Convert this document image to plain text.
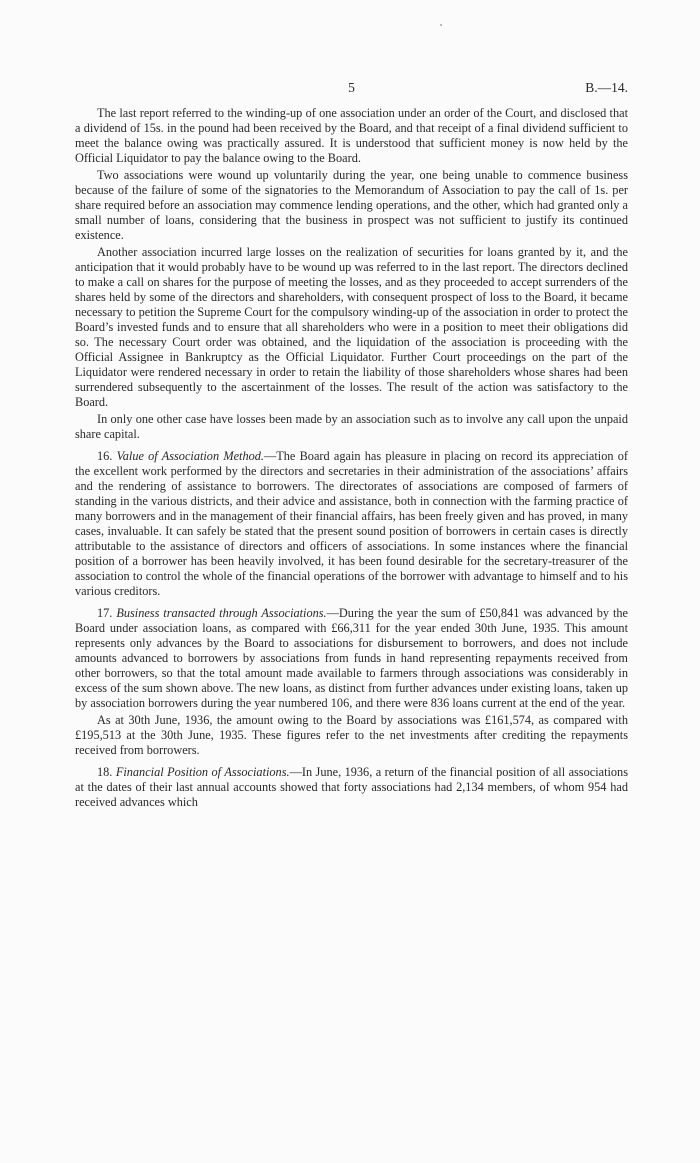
5	B.—14.

The last report referred to the winding-up of one association under an order of the Court, and disclosed that a dividend of 15s. in the pound had been received by the Board, and that receipt of a final dividend sufficient to meet the balance owing was practically assured. It is understood that sufficient money is now held by the Official Liquidator to pay the balance owing to the Board.

Two associations were wound up voluntarily during the year, one being unable to commence business because of the failure of some of the signatories to the Memorandum of Association to pay the call of 1s. per share required before an association may commence lending operations, and the other, which had granted only a small number of loans, considering that the business in prospect was not sufficient to justify its continued existence.

Another association incurred large losses on the realization of securities for loans granted by it, and the anticipation that it would probably have to be wound up was referred to in the last report. The directors declined to make a call on shares for the purpose of meeting the losses, and as they proceeded to accept surrenders of the shares held by some of the directors and shareholders, with consequent prospect of loss to the Board, it became necessary to petition the Supreme Court for the compulsory winding-up of the association in order to protect the Board’s invested funds and to ensure that all shareholders who were in a position to meet their obligations did so. The necessary Court order was obtained, and the liquidation of the association is proceeding with the Official Assignee in Bankruptcy as the Official Liquidator. Further Court proceedings on the part of the Liquidator were rendered necessary in order to retain the liability of those shareholders whose shares had been surrendered subsequently to the ascertainment of the losses. The result of the action was satisfactory to the Board.

In only one other case have losses been made by an association such as to involve any call upon the unpaid share capital.

16. Value of Association Method.—The Board again has pleasure in placing on record its appreciation of the excellent work performed by the directors and secretaries in their administration of the associations’ affairs and the rendering of assistance to borrowers. The directorates of associations are composed of farmers of standing in the various districts, and their advice and assistance, both in connection with the farming practice of many borrowers and in the management of their financial affairs, has been freely given and has proved, in many cases, invaluable. It can safely be stated that the present sound position of borrowers in certain cases is directly attributable to the assistance of directors and officers of associations. In some instances where the financial position of a borrower has been heavily involved, it has been found desirable for the secretary-treasurer of the association to control the whole of the financial operations of the borrower with advantage to himself and to his various creditors.

17. Business transacted through Associations.—During the year the sum of £50,841 was advanced by the Board under association loans, as compared with £66,311 for the year ended 30th June, 1935. This amount represents only advances by the Board to associations for disbursement to borrowers, and does not include amounts advanced to borrowers by associations from funds in hand representing repayments received from other borrowers, so that the total amount made available to farmers through associations was considerably in excess of the sum shown above. The new loans, as distinct from further advances under existing loans, taken up by association borrowers during the year numbered 106, and there were 836 loans current at the end of the year.

As at 30th June, 1936, the amount owing to the Board by associations was £161,574, as compared with £195,513 at the 30th June, 1935. These figures refer to the net investments after crediting the repayments received from borrowers.

18. Financial Position of Associations.—In June, 1936, a return of the financial position of all associations at the dates of their last annual accounts showed that forty associations had 2,134 members, of whom 954 had received advances which
